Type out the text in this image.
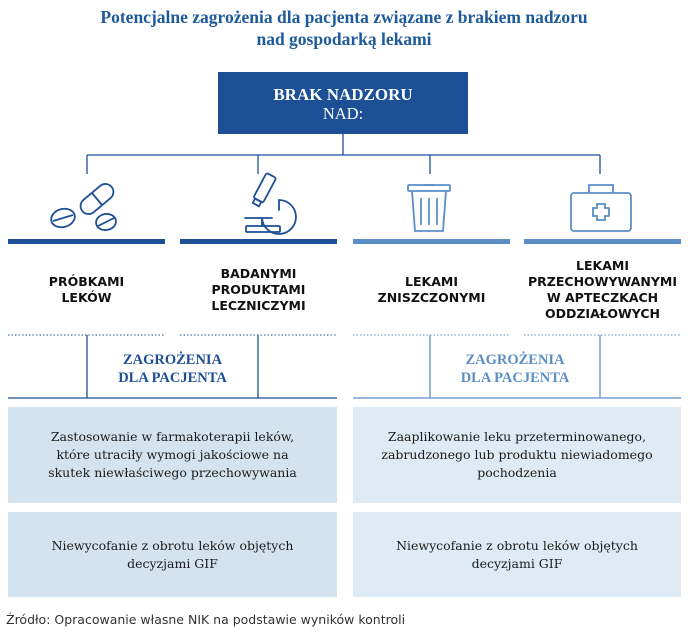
Potencjalne zagrożenia dla pacjenta związane z brakiem nadzoru
nad gospodarką lekami
BRAK NADZORU
NAD:
PRÓBKAMI
LEKÓW
BADANYMI
PRODUKTAMI
LECZNICZYMI
LEKAMI
ZNISZCZONYMI
LEKAMI
PRZECHOWYWANYMI
W APTECZKACH
ODDZIAŁOWYCH
ZAGROŻENIA
DLA PACJENTA
ZAGROŻENIA
DLA PACJENTA
Zastosowanie w farmakoterapii leków,
które utraciły wymogi jakościowe na
skutek niewłaściwego przechowywania
Zaaplikowanie leku przeterminowanego,
zabrudzonego lub produktu niewiadomego
pochodzenia
Niewycofanie z obrotu leków objętych
decyzjami GIF
Niewycofanie z obrotu leków objętych
decyzjami GIF
Źródło: Opracowanie własne NIK na podstawie wyników kontroli
